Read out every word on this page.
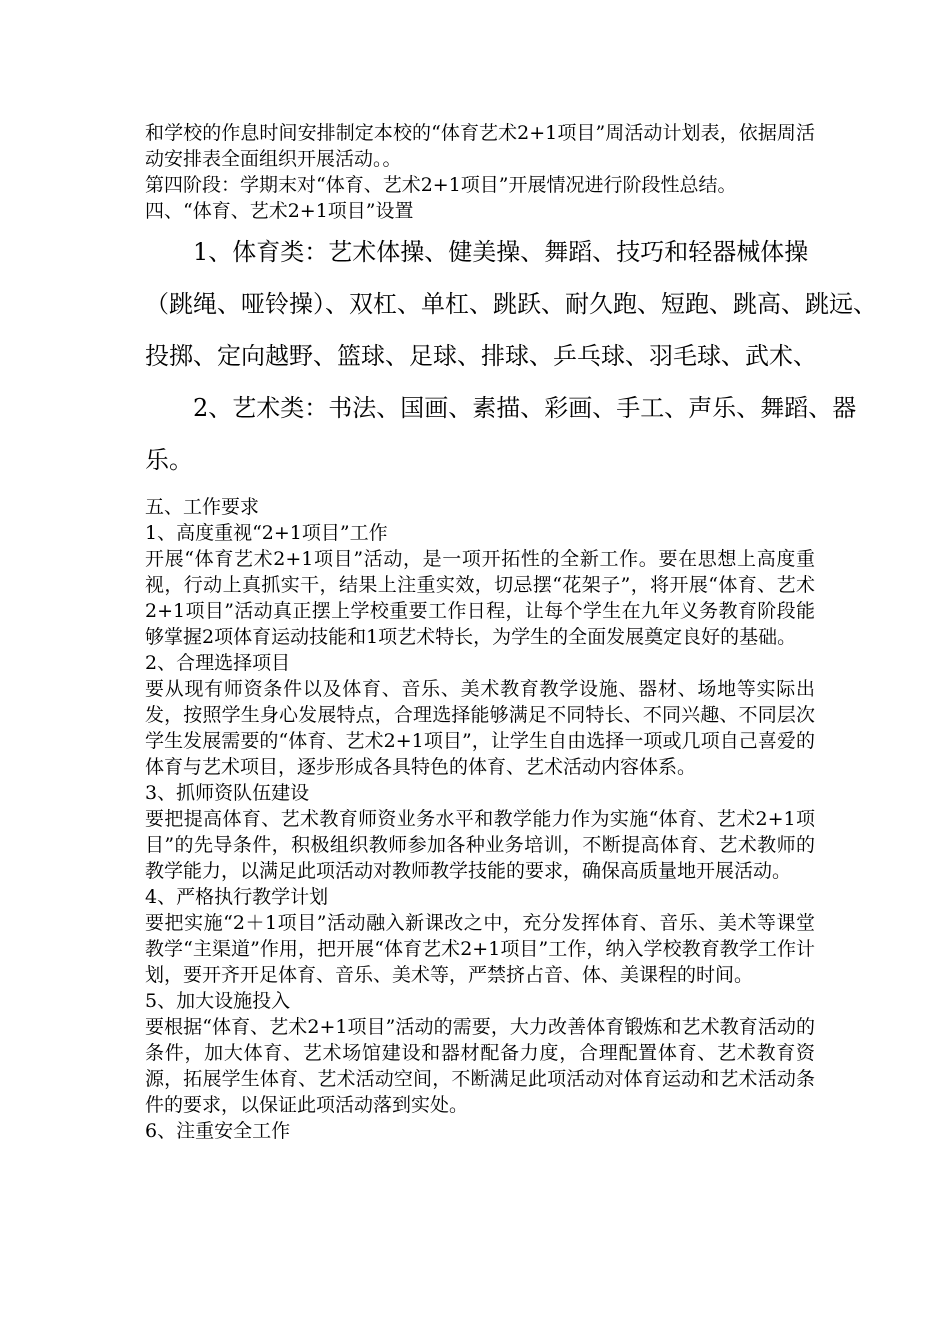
和学校的作息时间安排制定本校的“体育艺术2+1项目”周活动计划表，依据周活动安排表全面组织开展活动。。

第四阶段：学期末对“体育、艺术2+1项目”开展情况进行阶段性总结。

四、“体育、艺术2+1项目”设置

1、体育类：艺术体操、健美操、舞蹈、技巧和轻器械体操
（跳绳、哑铃操）、双杠、单杠、跳跃、耐久跑、短跑、跳高、跳远、
投掷、定向越野、篮球、足球、排球、乒乓球、羽毛球、武术、
2、艺术类：书法、国画、素描、彩画、手工、声乐、舞蹈、器
乐。

五、工作要求

1、高度重视“2+1项目”工作

开展“体育艺术2+1项目”活动，是一项开拓性的全新工作。要在思想上高度重视，行动上真抓实干，结果上注重实效，切忌摆“花架子”，将开展“体育、艺术2+1项目”活动真正摆上学校重要工作日程，让每个学生在九年义务教育阶段能够掌握2项体育运动技能和1项艺术特长，为学生的全面发展奠定良好的基础。

2、合理选择项目

要从现有师资条件以及体育、音乐、美术教育教学设施、器材、场地等实际出发，按照学生身心发展特点，合理选择能够满足不同特长、不同兴趣、不同层次学生发展需要的“体育、艺术2+1项目”，让学生自由选择一项或几项自己喜爱的体育与艺术项目，逐步形成各具特色的体育、艺术活动内容体系。

3、抓师资队伍建设

要把提高体育、艺术教育师资业务水平和教学能力作为实施“体育、艺术2+1项目”的先导条件，积极组织教师参加各种业务培训，不断提高体育、艺术教师的教学能力，以满足此项活动对教师教学技能的要求，确保高质量地开展活动。

4、严格执行教学计划

要把实施“2＋1项目”活动融入新课改之中，充分发挥体育、音乐、美术等课堂教学“主渠道”作用，把开展“体育艺术2+1项目”工作，纳入学校教育教学工作计划，要开齐开足体育、音乐、美术等，严禁挤占音、体、美课程的时间。

5、加大设施投入

要根据“体育、艺术2+1项目”活动的需要，大力改善体育锻炼和艺术教育活动的条件，加大体育、艺术场馆建设和器材配备力度，合理配置体育、艺术教育资源，拓展学生体育、艺术活动空间，不断满足此项活动对体育运动和艺术活动条件的要求，以保证此项活动落到实处。

6、注重安全工作
